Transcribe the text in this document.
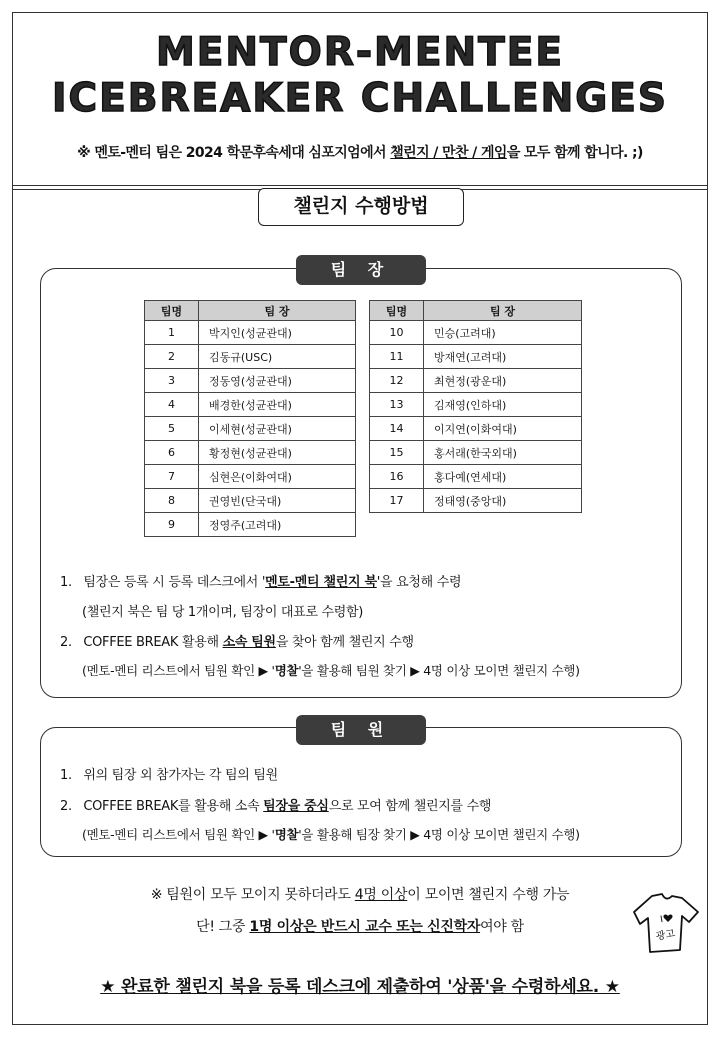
MENTOR-MENTEE
ICEBREAKER CHALLENGES
※ 멘토-멘티 팀은 2024 학문후속세대 심포지엄에서 챌린지 / 만찬 / 게임을 모두 함께 합니다. ;)
챌린지 수행방법
팀 장
팀명	팀 장
1	박지인(성균관대)
2	김동규(USC)
3	정동영(성균관대)
4	배경한(성균관대)
5	이세현(성균관대)
6	황정현(성균관대)
7	심현은(이화여대)
8	권영빈(단국대)
9	정영주(고려대)
팀명	팀 장
10	민승(고려대)
11	방재연(고려대)
12	최현정(광운대)
13	김재영(인하대)
14	이지연(이화여대)
15	홍서래(한국외대)
16	홍다예(연세대)
17	정태영(중앙대)
1. 팀장은 등록 시 등록 데스크에서 '멘토-멘티 챌린지 북'을 요청해 수령
(챌린지 북은 팀 당 1개이며, 팀장이 대표로 수령함)
2. COFFEE BREAK 활용해 소속 팀원을 찾아 함께 챌린지 수행
(멘토-멘티 리스트에서 팀원 확인 ▶ '명찰'을 활용해 팀원 찾기 ▶ 4명 이상 모이면 챌린지 수행)
팀 원
1. 위의 팀장 외 참가자는 각 팀의 팀원
2. COFFEE BREAK를 활용해 소속 팀장을 중심으로 모여 함께 챌린지를 수행
(멘토-멘티 리스트에서 팀원 확인 ▶ '명찰'을 활용해 팀장 찾기 ▶ 4명 이상 모이면 챌린지 수행)
※ 팀원이 모두 모이지 못하더라도 4명 이상이 모이면 챌린지 수행 가능
단! 그중 1명 이상은 반드시 교수 또는 신진학자여야 함	I
광고
★ 완료한 챌린지 북을 등록 데스크에 제출하여 '상품'을 수령하세요. ★
